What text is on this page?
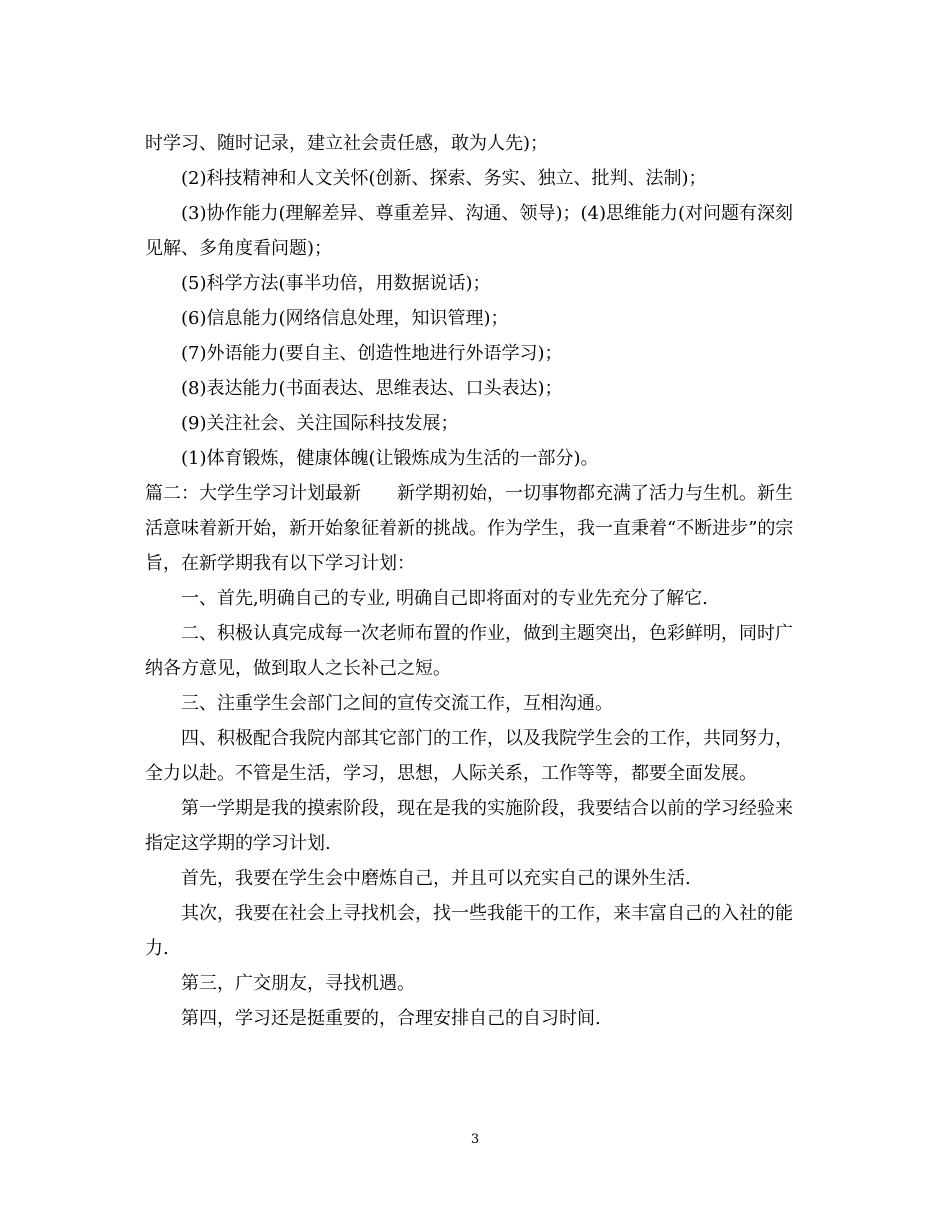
时学习、随时记录，建立社会责任感，敢为人先)；

(2)科技精神和人文关怀(创新、探索、务实、独立、批判、法制)；

(3)协作能力(理解差异、尊重差异、沟通、领导)；(4)思维能力(对问题有深刻见解、多角度看问题)；

(5)科学方法(事半功倍，用数据说话)；

(6)信息能力(网络信息处理，知识管理)；

(7)外语能力(要自主、创造性地进行外语学习)；

(8)表达能力(书面表达、思维表达、口头表达)；

(9)关注社会、关注国际科技发展；

(1)体育锻炼，健康体魄(让锻炼成为生活的一部分)。

篇二：大学生学习计划最新　　新学期初始，一切事物都充满了活力与生机。新生活意味着新开始，新开始象征着新的挑战。作为学生，我一直秉着“不断进步”的宗旨，在新学期我有以下学习计划：

一、首先,明确自己的专业, 明确自己即将面对的专业先充分了解它.

二、积极认真完成每一次老师布置的作业，做到主题突出，色彩鲜明，同时广纳各方意见，做到取人之长补己之短。

三、注重学生会部门之间的宣传交流工作，互相沟通。

四、积极配合我院内部其它部门的工作，以及我院学生会的工作，共同努力，全力以赴。不管是生活，学习，思想，人际关系，工作等等，都要全面发展。

第一学期是我的摸索阶段，现在是我的实施阶段，我要结合以前的学习经验来指定这学期的学习计划.

首先，我要在学生会中磨炼自己，并且可以充实自己的课外生活.

其次，我要在社会上寻找机会，找一些我能干的工作，来丰富自己的入社的能力.

第三，广交朋友，寻找机遇。

第四，学习还是挺重要的，合理安排自己的自习时间.

3
